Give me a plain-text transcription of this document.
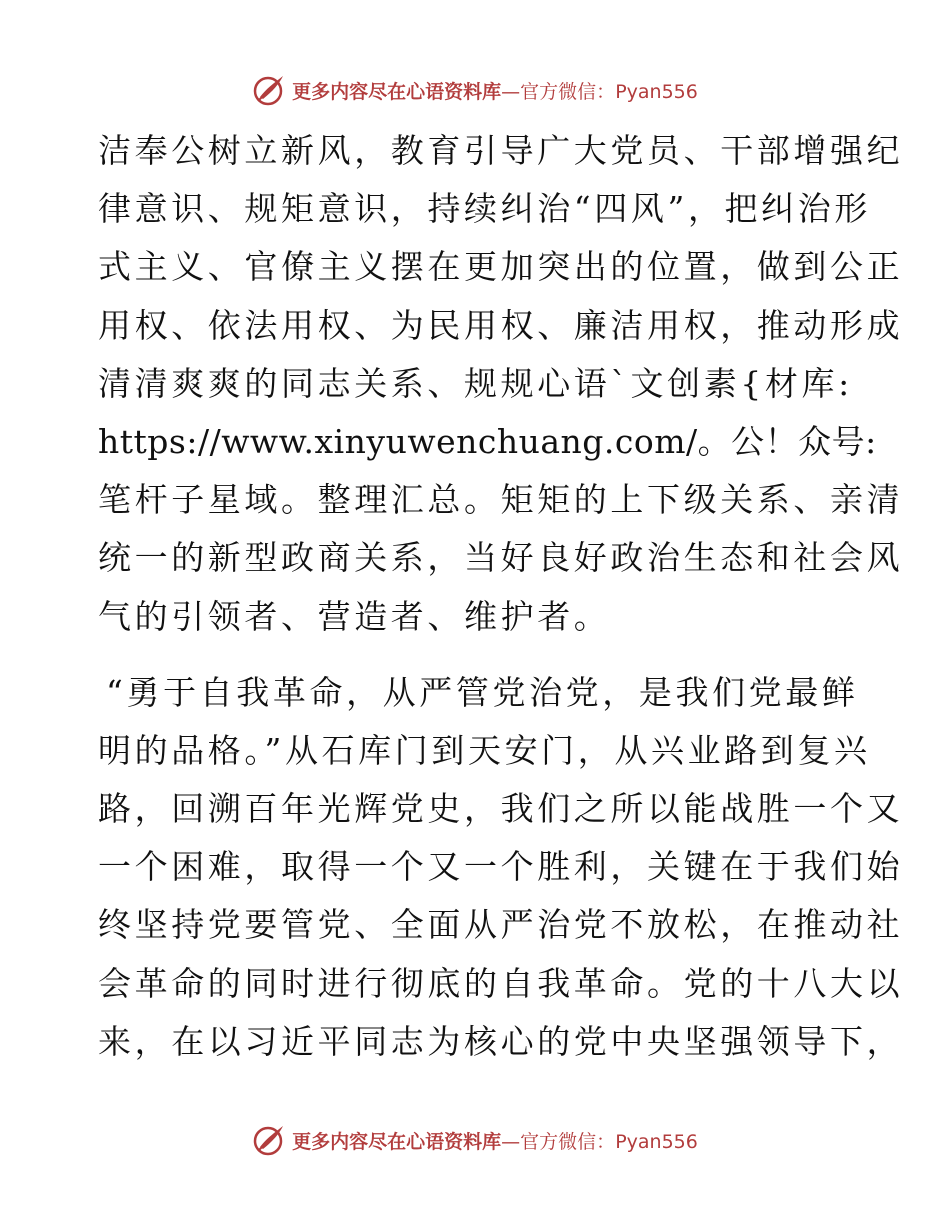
更多内容尽在心语资料库—官方微信：Pyan556
洁奉公树立新风，教育引导广大党员、干部增强纪
律意识、规矩意识，持续纠治“四风”，把纠治形
式主义、官僚主义摆在更加突出的位置，做到公正
用权、依法用权、为民用权、廉洁用权，推动形成
清清爽爽的同志关系、规规心语`文创素{材库:
https://www.xinyuwenchuang.com/。公！众号:
笔杆子星域。整理汇总。矩矩的上下级关系、亲清
统一的新型政商关系，当好良好政治生态和社会风
气的引领者、营造者、维护者。
“勇于自我革命，从严管党治党，是我们党最鲜
明的品格。”从石库门到天安门，从兴业路到复兴
路，回溯百年光辉党史，我们之所以能战胜一个又
一个困难，取得一个又一个胜利，关键在于我们始
终坚持党要管党、全面从严治党不放松，在推动社
会革命的同时进行彻底的自我革命。党的十八大以
来，在以习近平同志为核心的党中央坚强领导下，
更多内容尽在心语资料库—官方微信：Pyan556
